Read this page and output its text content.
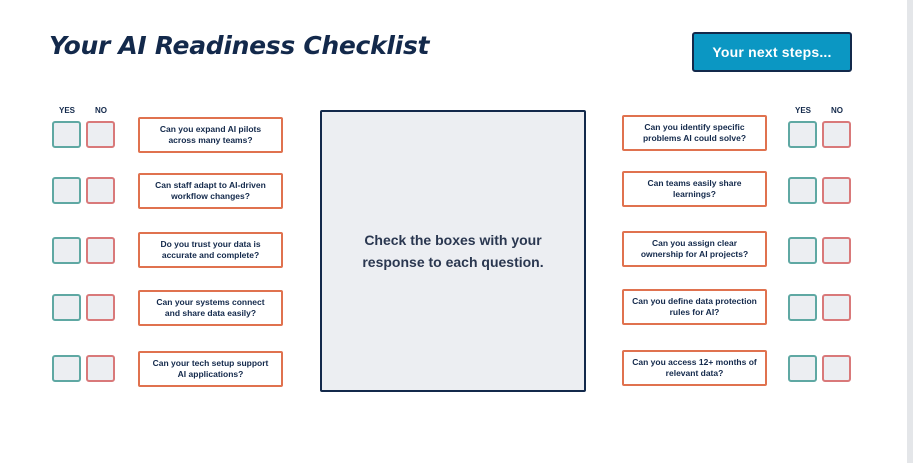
Your AI Readiness Checklist	Your next steps...
YES	NO	YES	NO
Can you expand AI pilots across many teams?
Can staff adapt to AI-driven workflow changes?
Do you trust your data is accurate and complete?
Can your systems connect and share data easily?
Can your tech setup support AI applications?
Check the boxes with your response to each question.
Can you identify specific problems AI could solve?
Can teams easily share learnings?
Can you assign clear ownership for AI projects?
Can you define data protection rules for AI?
Can you access 12+ months of relevant data?
